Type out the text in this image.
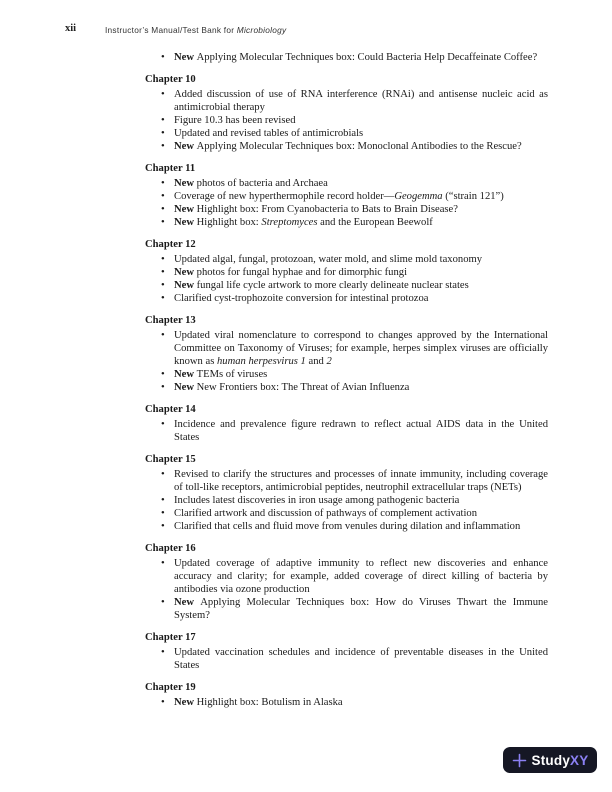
xii	Instructor’s Manual/Test Bank for Microbiology
• New Applying Molecular Techniques box: Could Bacteria Help Decaffeinate Coffee?
Chapter 10
• Added discussion of use of RNA interference (RNAi) and antisense nucleic acid as antimicrobial therapy
• Figure 10.3 has been revised
• Updated and revised tables of antimicrobials
• New Applying Molecular Techniques box: Monoclonal Antibodies to the Rescue?
Chapter 11
• New photos of bacteria and Archaea
• Coverage of new hyperthermophile record holder—Geogemma (“strain 121”)
• New Highlight box: From Cyanobacteria to Bats to Brain Disease?
• New Highlight box: Streptomyces and the European Beewolf
Chapter 12
• Updated algal, fungal, protozoan, water mold, and slime mold taxonomy
• New photos for fungal hyphae and for dimorphic fungi
• New fungal life cycle artwork to more clearly delineate nuclear states
• Clarified cyst-trophozoite conversion for intestinal protozoa
Chapter 13
• Updated viral nomenclature to correspond to changes approved by the International Committee on Taxonomy of Viruses; for example, herpes simplex viruses are officially known as human herpesvirus 1 and 2
• New TEMs of viruses
• New New Frontiers box: The Threat of Avian Influenza
Chapter 14
• Incidence and prevalence figure redrawn to reflect actual AIDS data in the United States
Chapter 15
• Revised to clarify the structures and processes of innate immunity, including coverage of toll-like receptors, antimicrobial peptides, neutrophil extracellular traps (NETs)
• Includes latest discoveries in iron usage among pathogenic bacteria
• Clarified artwork and discussion of pathways of complement activation
• Clarified that cells and fluid move from venules during dilation and inflammation
Chapter 16
• Updated coverage of adaptive immunity to reflect new discoveries and enhance accuracy and clarity; for example, added coverage of direct killing of bacteria by antibodies via ozone production
• New Applying Molecular Techniques box: How do Viruses Thwart the Immune System?
Chapter 17
• Updated vaccination schedules and incidence of preventable diseases in the United States
Chapter 19
• New Highlight box: Botulism in Alaska
StudyXY
